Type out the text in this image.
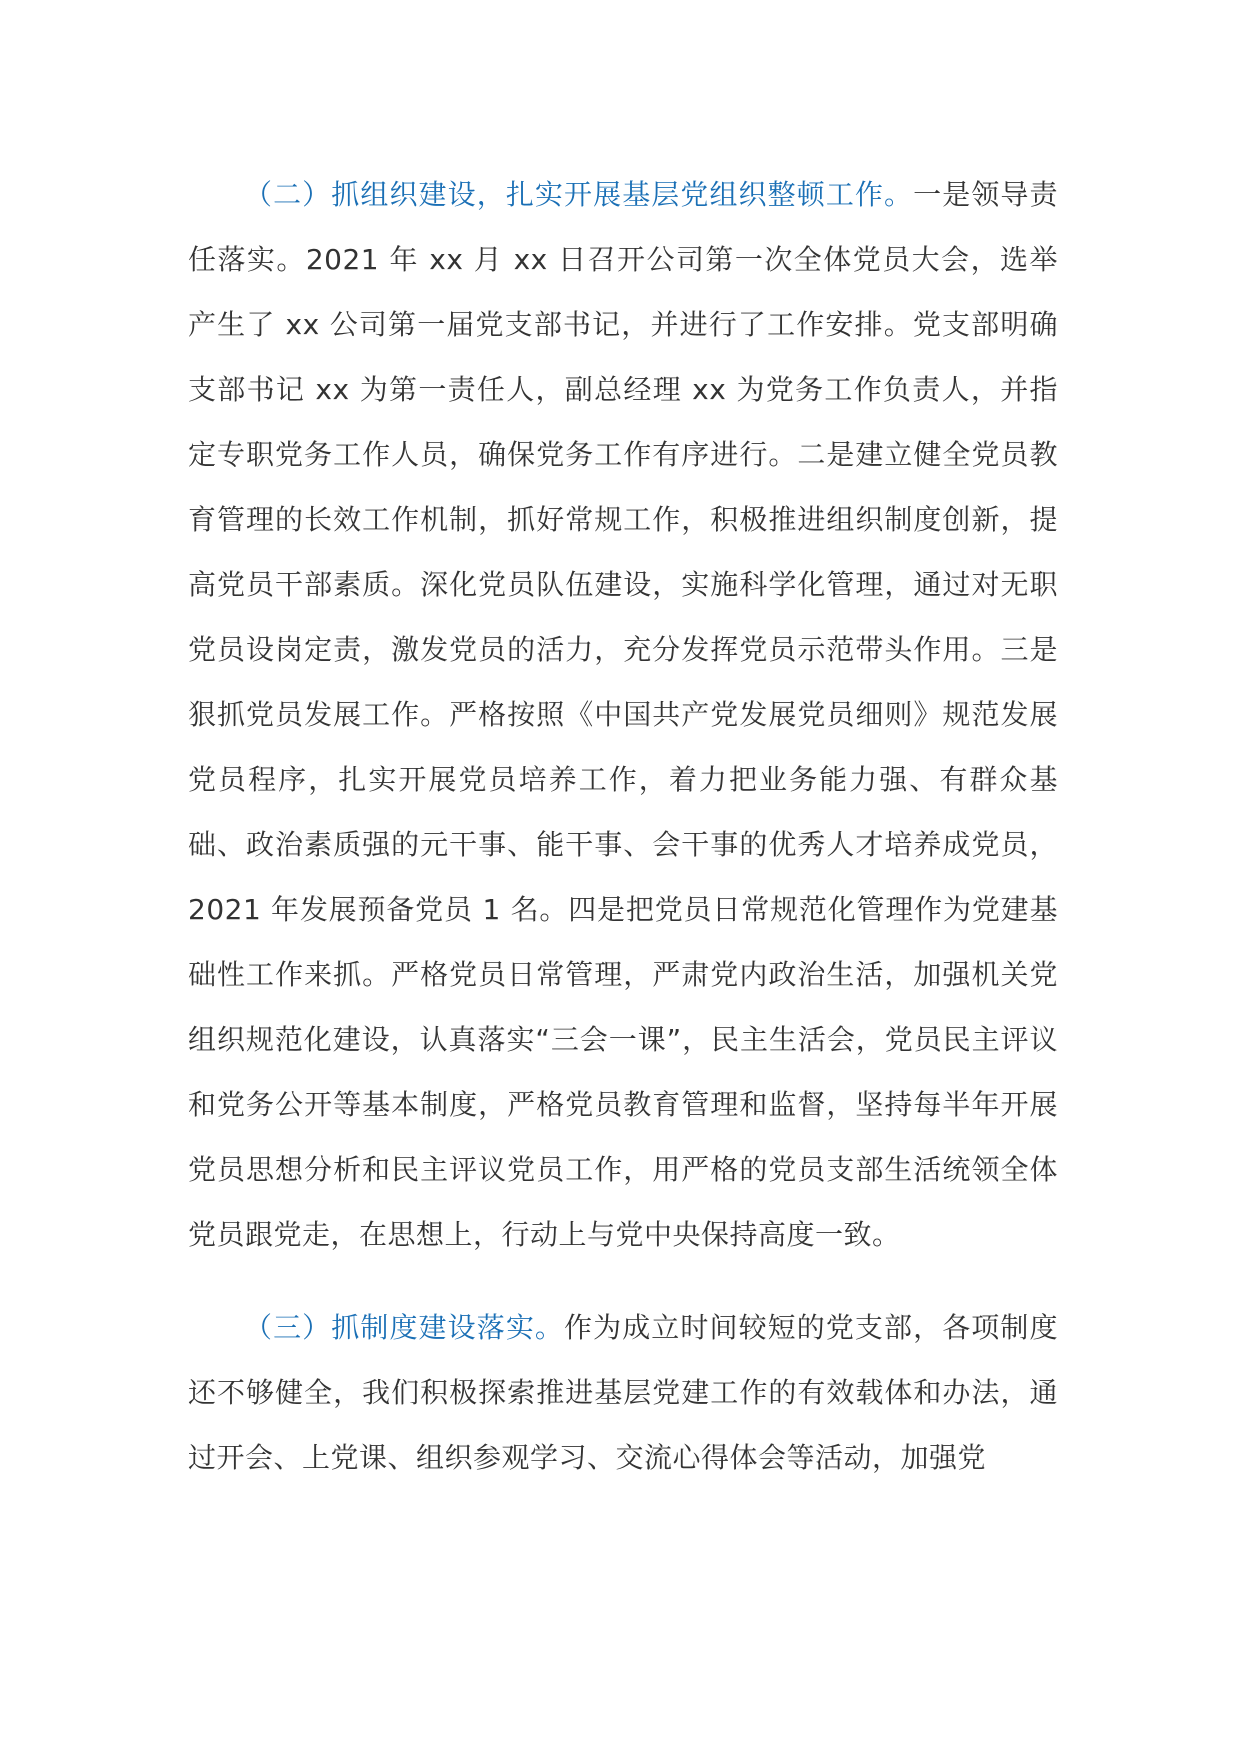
（二）抓组织建设，扎实开展基层党组织整顿工作。一是领导责任落实。2021 年 xx 月 xx 日召开公司第一次全体党员大会，选举产生了 xx 公司第一届党支部书记，并进行了工作安排。党支部明确支部书记 xx 为第一责任人，副总经理 xx 为党务工作负责人，并指定专职党务工作人员，确保党务工作有序进行。二是建立健全党员教育管理的长效工作机制，抓好常规工作，积极推进组织制度创新，提高党员干部素质。深化党员队伍建设，实施科学化管理，通过对无职党员设岗定责，激发党员的活力，充分发挥党员示范带头作用。三是狠抓党员发展工作。严格按照《中国共产党发展党员细则》规范发展党员程序，扎实开展党员培养工作，着力把业务能力强、有群众基础、政治素质强的元干事、能干事、会干事的优秀人才培养成党员，2021 年发展预备党员 1 名。四是把党员日常规范化管理作为党建基础性工作来抓。严格党员日常管理，严肃党内政治生活，加强机关党组织规范化建设，认真落实“三会一课”，民主生活会，党员民主评议和党务公开等基本制度，严格党员教育管理和监督，坚持每半年开展党员思想分析和民主评议党员工作，用严格的党员支部生活统领全体党员跟党走，在思想上，行动上与党中央保持高度一致。

（三）抓制度建设落实。作为成立时间较短的党支部，各项制度还不够健全，我们积极探索推进基层党建工作的有效载体和办法，通过开会、上党课、组织参观学习、交流心得体会等活动，加强党
